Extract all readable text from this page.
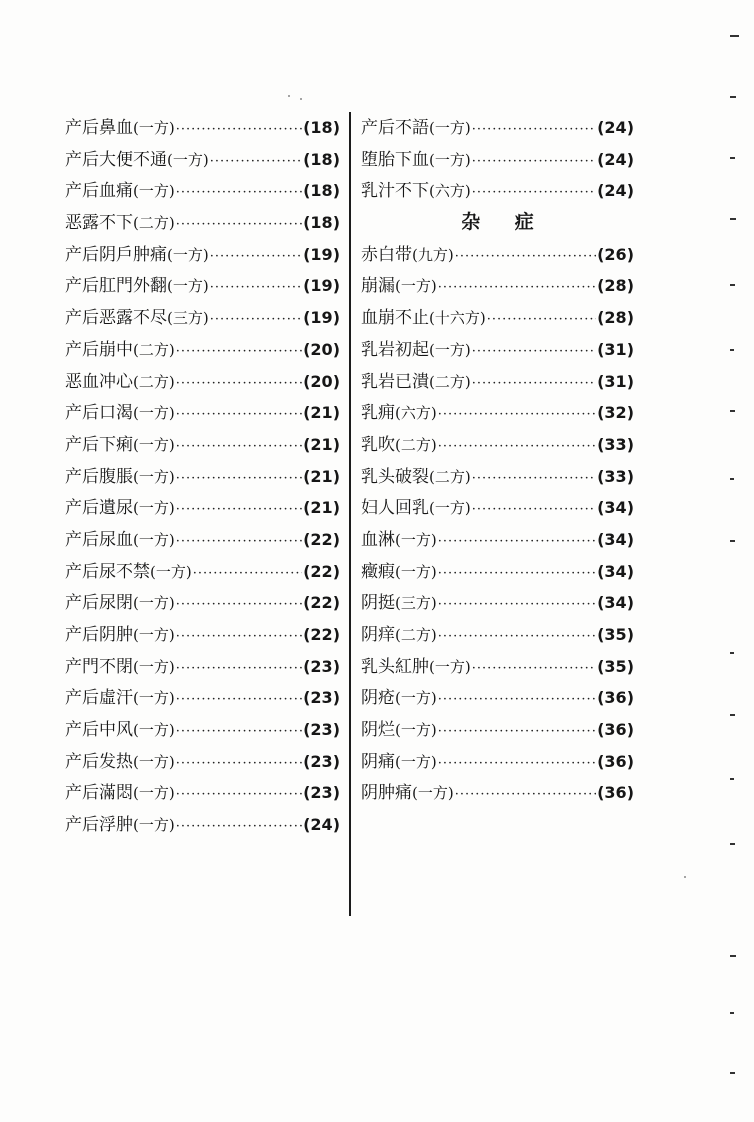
产后鼻血 (一方) ·····	(18)
产后大便不通 (一方) ·····	(18)
产后血痛 (一方) ·····	(18)
恶露不下 (二方) ·····	(18)
产后阴戶肿痛 (一方) ·····	(19)
产后肛門外翻 (一方) ·····	(19)
产后恶露不尽 (三方) ·····	(19)
产后崩中 (二方) ·····	(20)
恶血冲心 (二方) ·····	(20)
产后口渴 (一方) ·····	(21)
产后下痢 (一方) ·····	(21)
产后腹脹 (一方) ·····	(21)
产后遺尿 (一方) ·····	(21)
产后尿血 (一方) ·····	(22)
产后尿不禁 (一方) ·····	(22)
产后尿閉 (一方) ·····	(22)
产后阴肿 (一方) ·····	(22)
产門不閉 (一方) ·····	(23)
产后虛汗 (一方) ·····	(23)
产后中风 (一方) ·····	(23)
产后发热 (一方) ·····	(23)
产后滿悶 (一方) ·····	(23)
产后浮肿 (一方) ·····	(24)
产后不語 (一方) ·····	(24)
堕胎下血 (一方) ·····	(24)
乳汁不下 (六方) ·····	(24)
杂 症
赤白带 (九方) ·····	(26)
崩漏 (一方) ·····	(28)
血崩不止 (十六方) ·····	(28)
乳岩初起 (一方) ·····	(31)
乳岩已潰 (二方) ·····	(31)
乳痈 (六方) ·····	(32)
乳吹 (二方) ·····	(33)
乳头破裂 (二方) ·····	(33)
妇人回乳 (一方) ·····	(34)
血淋 (一方) ·····	(34)
癥瘕 (一方) ·····	(34)
阴挺 (三方) ·····	(34)
阴痒 (二方) ·····	(35)
乳头紅肿 (一方) ·····	(35)
阴疮 (一方) ·····	(36)
阴烂 (一方) ·····	(36)
阴痛 (一方) ·····	(36)
阴肿痛 (一方) ·····	(36)
